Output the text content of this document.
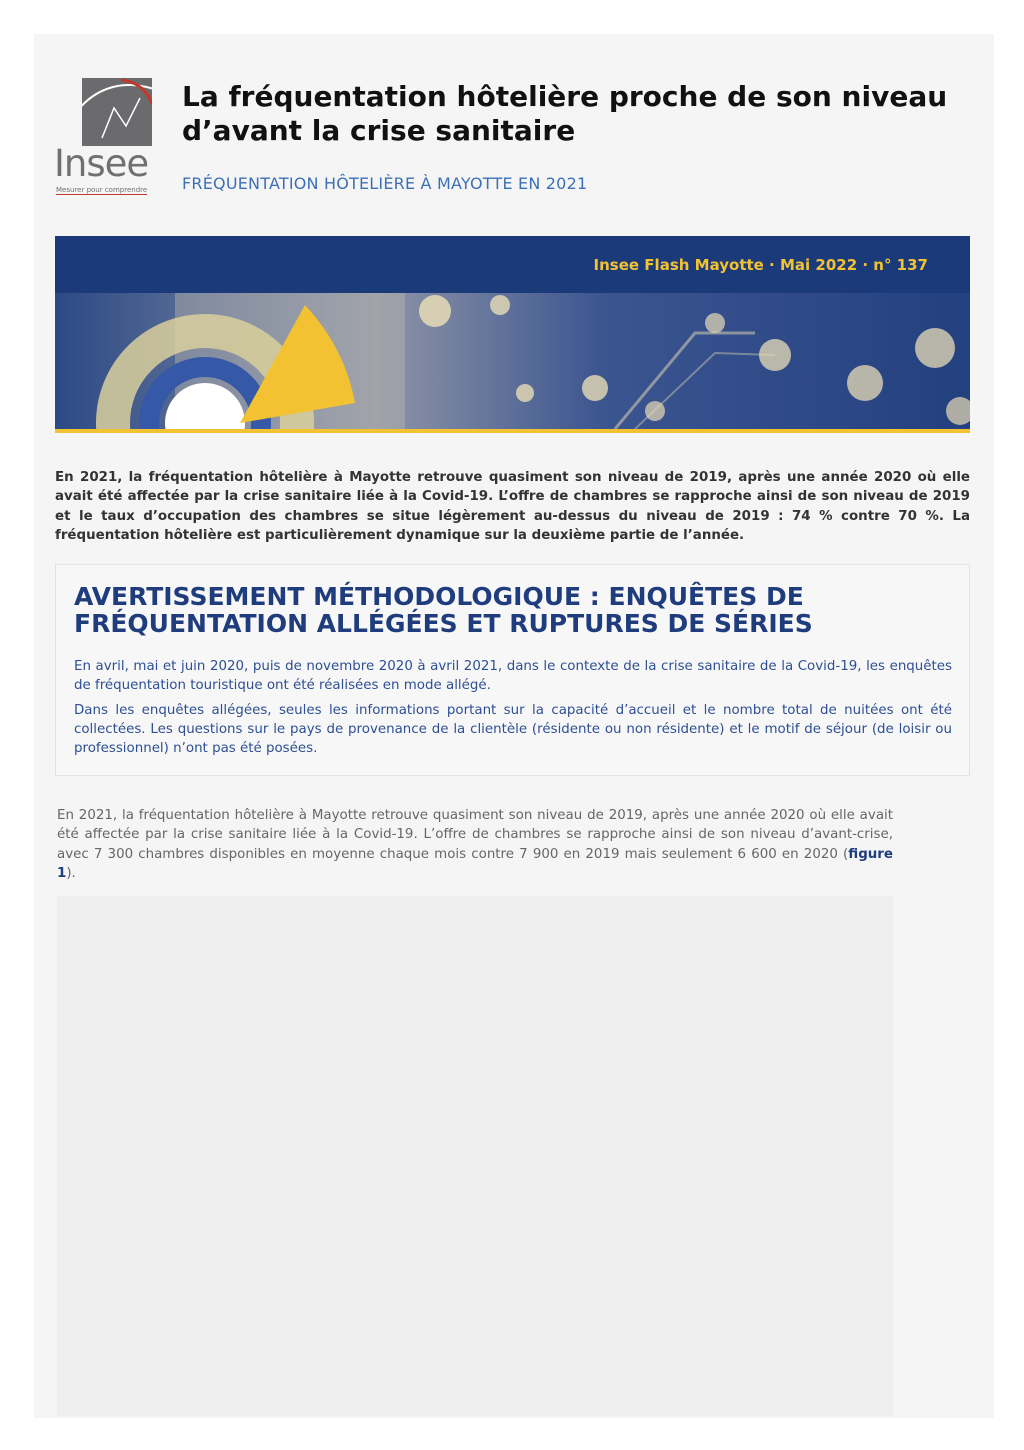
Insee
Mesurer pour comprendre
La fréquentation hôtelière proche de son niveau d’avant la crise sanitaire
FRÉQUENTATION HÔTELIÈRE À MAYOTTE EN 2021
Insee Flash Mayotte · Mai 2022 · n° 137

En 2021, la fréquentation hôtelière à Mayotte retrouve quasiment son niveau de 2019, après une année 2020 où elle avait été affectée par la crise sanitaire liée à la Covid-19. L’offre de chambres se rapproche ainsi de son niveau de 2019 et le taux d’occupation des chambres se situe légèrement au-dessus du niveau de 2019 : 74 % contre 70 %. La fréquentation hôtelière est particulièrement dynamique sur la deuxième partie de l’année.

AVERTISSEMENT MÉTHODOLOGIQUE : ENQUÊTES DE FRÉQUENTATION ALLÉGÉES ET RUPTURES DE SÉRIES

En avril, mai et juin 2020, puis de novembre 2020 à avril 2021, dans le contexte de la crise sanitaire de la Covid-19, les enquêtes de fréquentation touristique ont été réalisées en mode allégé.

Dans les enquêtes allégées, seules les informations portant sur la capacité d’accueil et le nombre total de nuitées ont été collectées. Les questions sur le pays de provenance de la clientèle (résidente ou non résidente) et le motif de séjour (de loisir ou professionnel) n’ont pas été posées.

En 2021, la fréquentation hôtelière à Mayotte retrouve quasiment son niveau de 2019, après une année 2020 où elle avait été affectée par la crise sanitaire liée à la Covid-19. L’offre de chambres se rapproche ainsi de son niveau d’avant-crise, avec 7 300 chambres disponibles en moyenne chaque mois contre 7 900 en 2019 mais seulement 6 600 en 2020 (figure 1).
